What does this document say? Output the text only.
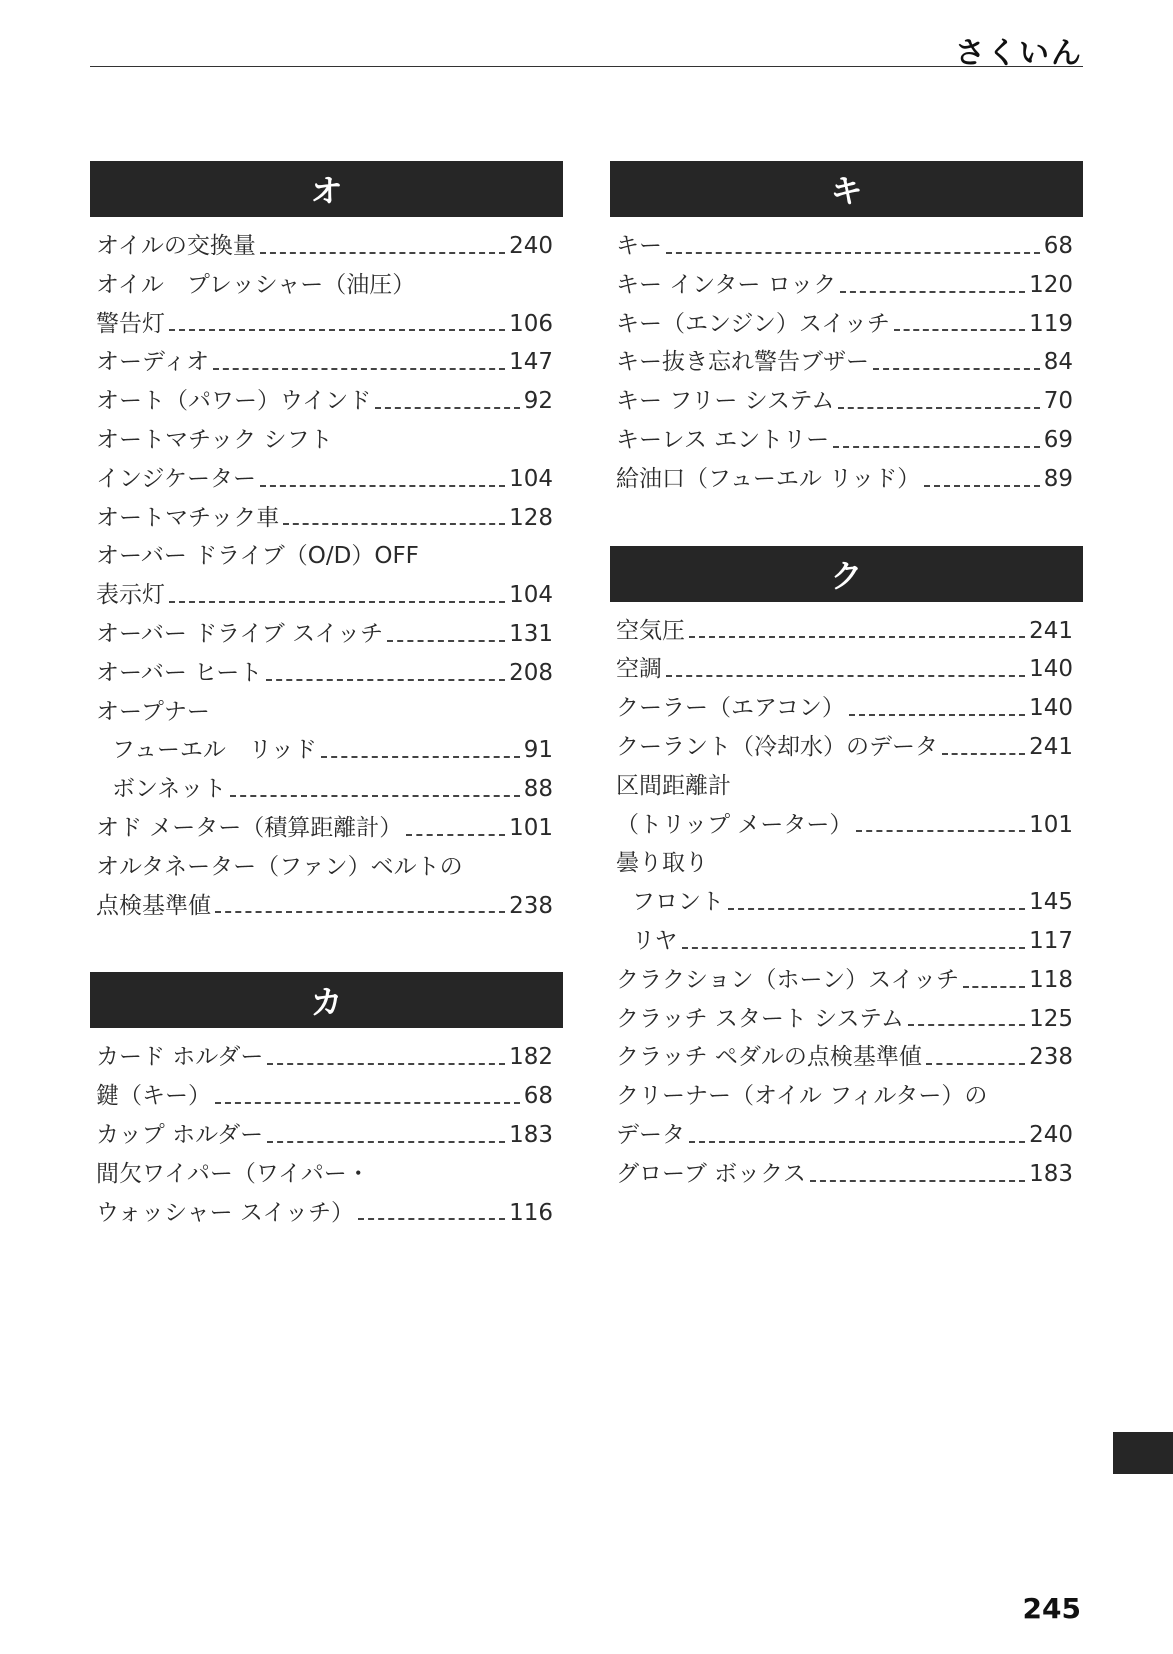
さくいん
オ
オイルの交換量	240
オイル　プレッシャー（油圧）
警告灯	106
オーディオ	147
オート（パワー）ウインド	92
オートマチック シフト
インジケーター	104
オートマチック車	128
オーバー ドライブ（O/D）OFF
表示灯	104
オーバー ドライブ スイッチ	131
オーバー ヒート	208
オープナー
フューエル　リッド	91
ボンネット	88
オド メーター（積算距離計）	101
オルタネーター（ファン）ベルトの
点検基準値	238
カ
カード ホルダー	182
鍵（キー）	68
カップ ホルダー	183
間欠ワイパー（ワイパー・
ウォッシャー スイッチ）	116
キ
キー	68
キー インター ロック	120
キー（エンジン）スイッチ	119
キー抜き忘れ警告ブザー	84
キー フリー システム	70
キーレス エントリー	69
給油口（フューエル リッド）	89
ク
空気圧	241
空調	140
クーラー（エアコン）	140
クーラント（冷却水）のデータ	241
区間距離計
（トリップ メーター）	101
曇り取り
フロント	145
リヤ	117
クラクション（ホーン）スイッチ	118
クラッチ スタート システム	125
クラッチ ペダルの点検基準値	238
クリーナー（オイル フィルター）の
データ	240
グローブ ボックス	183
245
